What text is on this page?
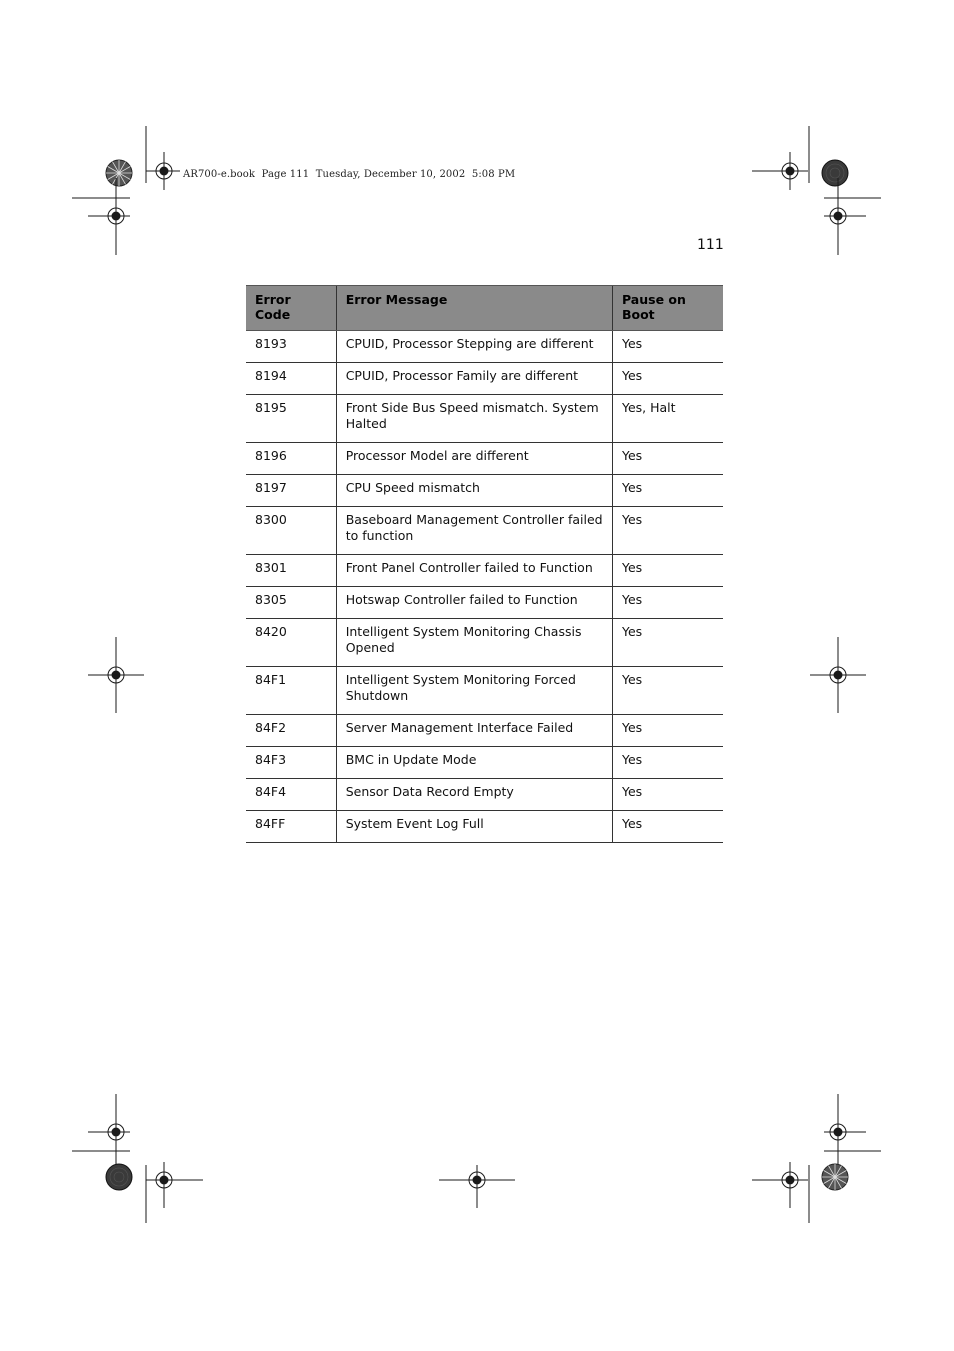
AR700-e.book  Page 111  Tuesday, December 10, 2002  5:08 PM
111
Error Code	Error Message	Pause on Boot
8193	CPUID, Processor Stepping are different	Yes
8194	CPUID, Processor Family are different	Yes
8195	Front Side Bus Speed mismatch. System Halted	Yes, Halt
8196	Processor Model are different	Yes
8197	CPU Speed mismatch	Yes
8300	Baseboard Management Controller failed to function	Yes
8301	Front Panel Controller failed to Function	Yes
8305	Hotswap Controller failed to Function	Yes
8420	Intelligent System Monitoring Chassis Opened	Yes
84F1	Intelligent System Monitoring Forced Shutdown	Yes
84F2	Server Management Interface Failed	Yes
84F3	BMC in Update Mode	Yes
84F4	Sensor Data Record Empty	Yes
84FF	System Event Log Full	Yes
